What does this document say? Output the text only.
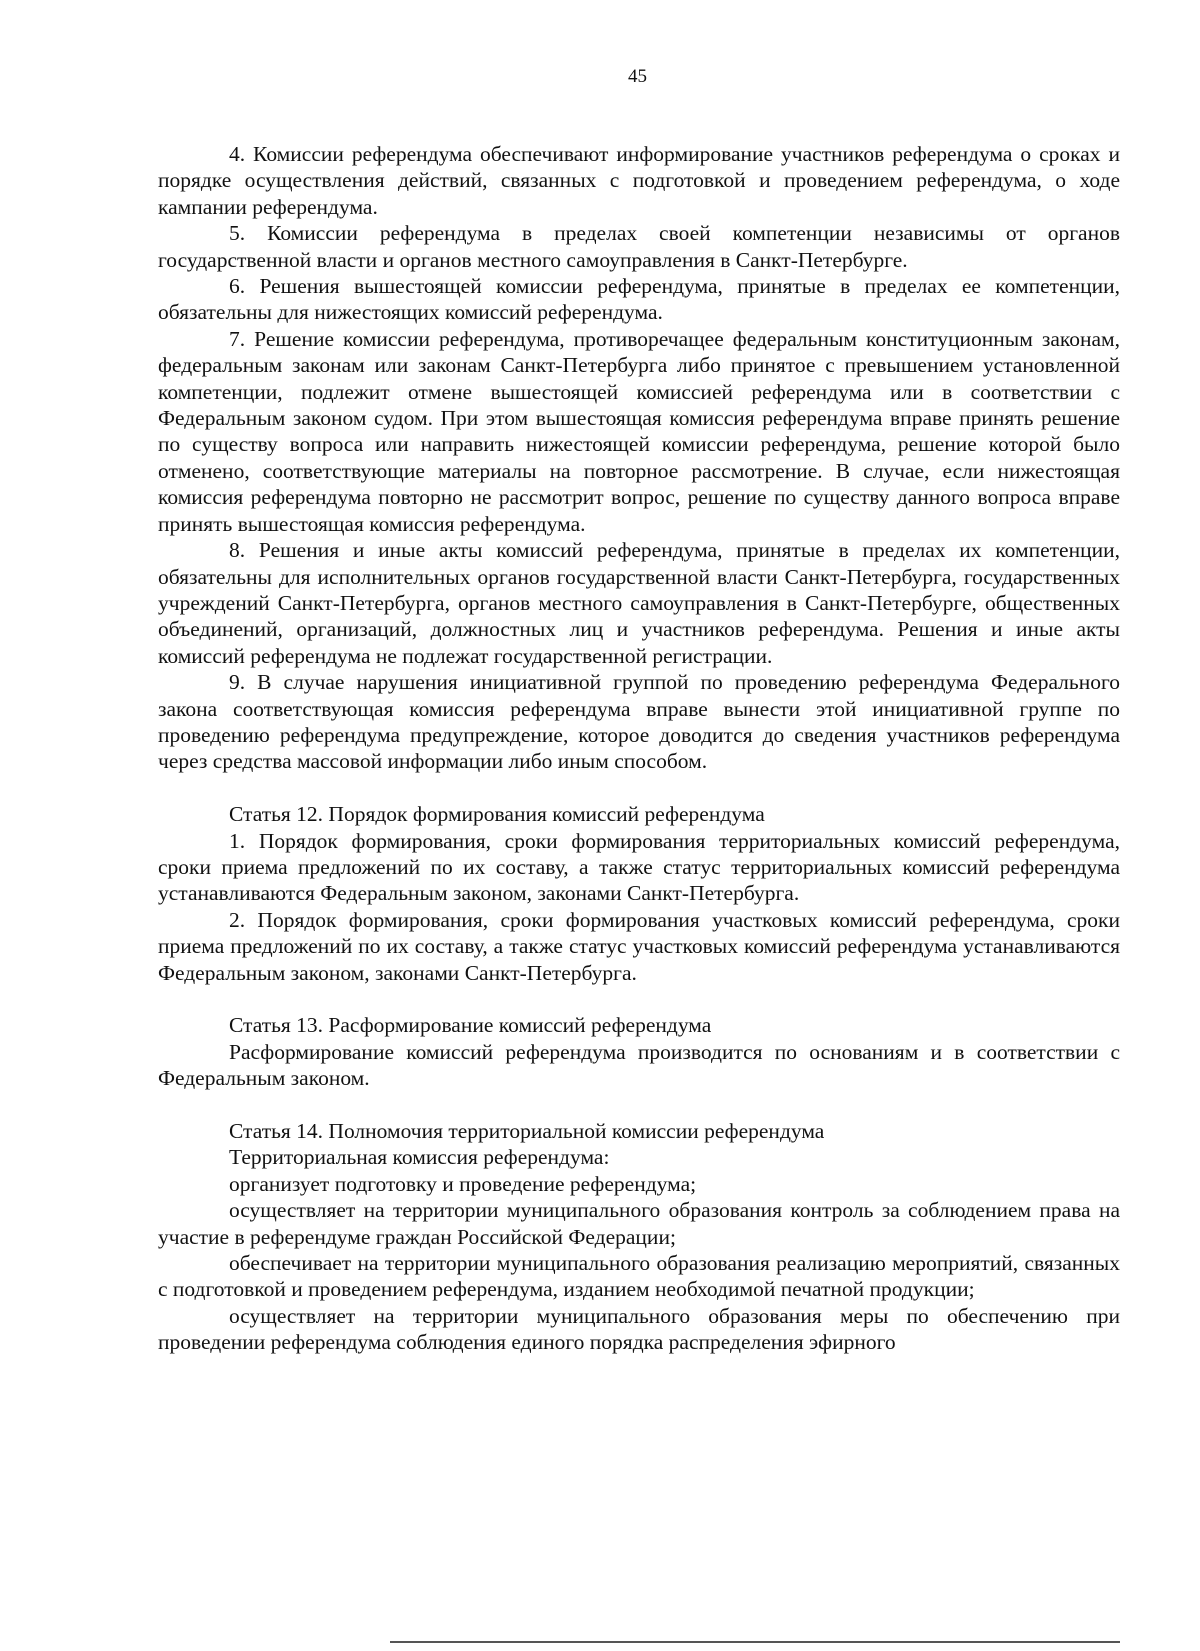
45

4. Комиссии референдума обеспечивают информирование участников референдума о сроках и порядке осуществления действий, связанных с подготовкой и проведением референдума, о ходе кампании референдума.

5. Комиссии референдума в пределах своей компетенции независимы от органов государственной власти и органов местного самоуправления в Санкт-Петербурге.

6. Решения вышестоящей комиссии референдума, принятые в пределах ее компетенции, обязательны для нижестоящих комиссий референдума.

7. Решение комиссии референдума, противоречащее федеральным конституционным законам, федеральным законам или законам Санкт-Петербурга либо принятое с превышением установленной компетенции, подлежит отмене вышестоящей комиссией референдума или в соответствии с Федеральным законом судом. При этом вышестоящая комиссия референдума вправе принять решение по существу вопроса или направить нижестоящей комиссии референдума, решение которой было отменено, соответствующие материалы на повторное рассмотрение. В случае, если нижестоящая комиссия референдума повторно не рассмотрит вопрос, решение по существу данного вопроса вправе принять вышестоящая комиссия референдума.

8. Решения и иные акты комиссий референдума, принятые в пределах их компетенции, обязательны для исполнительных органов государственной власти Санкт-Петербурга, государственных учреждений Санкт-Петербурга, органов местного самоуправления в Санкт-Петербурге, общественных объединений, организаций, должностных лиц и участников референдума. Решения и иные акты комиссий референдума не подлежат государственной регистрации.

9. В случае нарушения инициативной группой по проведению референдума Федерального закона соответствующая комиссия референдума вправе вынести этой инициативной группе по проведению референдума предупреждение, которое доводится до сведения участников референдума через средства массовой информации либо иным способом.

Статья 12. Порядок формирования комиссий референдума

1. Порядок формирования, сроки формирования территориальных комиссий референдума, сроки приема предложений по их составу, а также статус территориальных комиссий референдума устанавливаются Федеральным законом, законами Санкт-Петербурга.

2. Порядок формирования, сроки формирования участковых комиссий референдума, сроки приема предложений по их составу, а также статус участковых комиссий референдума устанавливаются Федеральным законом, законами Санкт-Петербурга.

Статья 13. Расформирование комиссий референдума

Расформирование комиссий референдума производится по основаниям и в соответствии с Федеральным законом.

Статья 14. Полномочия территориальной комиссии референдума

Территориальная комиссия референдума:

организует подготовку и проведение референдума;

осуществляет на территории муниципального образования контроль за соблюдением права на участие в референдуме граждан Российской Федерации;

обеспечивает на территории муниципального образования реализацию мероприятий, связанных с подготовкой и проведением референдума, изданием необходимой печатной продукции;

осуществляет на территории муниципального образования меры по обеспечению при проведении референдума соблюдения единого порядка распределения эфирного
